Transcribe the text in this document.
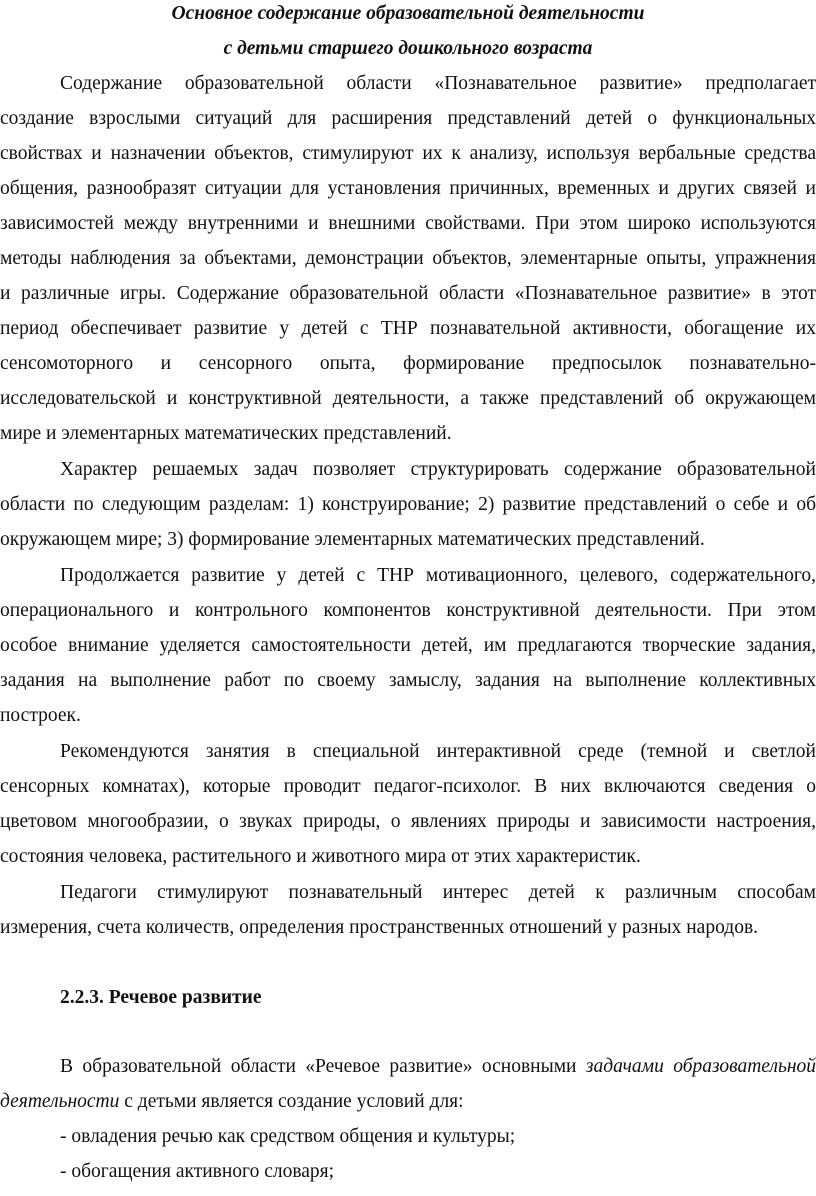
Основное содержание образовательной деятельности
с детьми старшего дошкольного возраста
Содержание образовательной области «Познавательное развитие» предполагает
создание взрослыми ситуаций для расширения представлений детей о функциональных
свойствах и назначении объектов, стимулируют их к анализу, используя вербальные средства
общения, разнообразят ситуации для установления причинных, временных и других связей и
зависимостей между внутренними и внешними свойствами. При этом широко используются
методы наблюдения за объектами, демонстрации объектов, элементарные опыты, упражнения
и различные игры. Содержание образовательной области «Познавательное развитие» в этот
период обеспечивает развитие у детей с ТНР познавательной активности, обогащение их
сенсомоторного и сенсорного опыта, формирование предпосылок познавательно-
исследовательской и конструктивной деятельности, а также представлений об окружающем
мире и элементарных математических представлений.
Характер решаемых задач позволяет структурировать содержание образовательной
области по следующим разделам: 1) конструирование; 2) развитие представлений о себе и об
окружающем мире; 3) формирование элементарных математических представлений.
Продолжается развитие у детей с ТНР мотивационного, целевого, содержательного,
операционального и контрольного компонентов конструктивной деятельности. При этом
особое внимание уделяется самостоятельности детей, им предлагаются творческие задания,
задания на выполнение работ по своему замыслу, задания на выполнение коллективных
построек.
Рекомендуются занятия в специальной интерактивной среде (темной и светлой
сенсорных комнатах), которые проводит педагог-психолог. В них включаются сведения о
цветовом многообразии, о звуках природы, о явлениях природы и зависимости настроения,
состояния человека, растительного и животного мира от этих характеристик.
Педагоги стимулируют познавательный интерес детей к различным способам
измерения, счета количеств, определения пространственных отношений у разных народов.
2.2.3. Речевое развитие
В образовательной области «Речевое развитие» основными задачами образовательной
деятельности с детьми является создание условий для:
- овладения речью как средством общения и культуры;
- обогащения активного словаря;
